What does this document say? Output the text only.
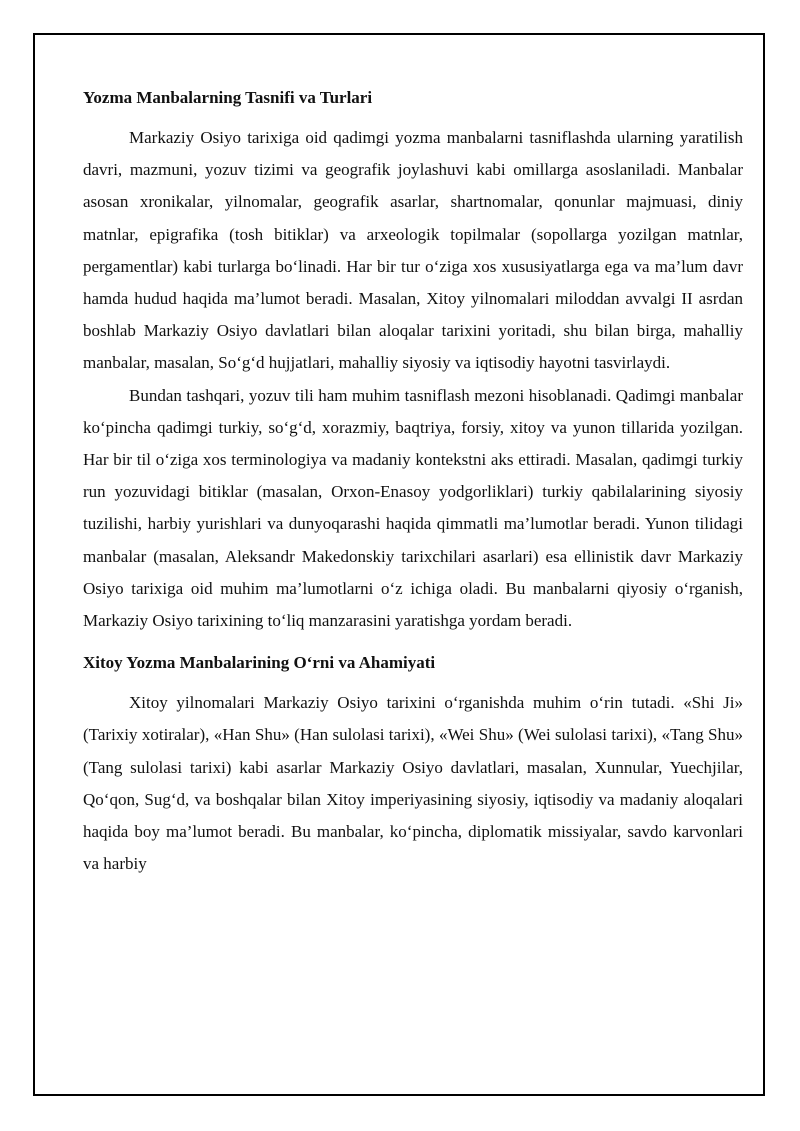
Yozma Manbalarning Tasnifi va Turlari

Markaziy Osiyo tarixiga oid qadimgi yozma manbalarni tasniflashda ularning yaratilish davri, mazmuni, yozuv tizimi va geografik joylashuvi kabi omillarga asoslaniladi. Manbalar asosan xronikalar, yilnomalar, geografik asarlar, shartnomalar, qonunlar majmuasi, diniy matnlar, epigrafika (tosh bitiklar) va arxeologik topilmalar (sopollarga yozilgan matnlar, pergamentlar) kabi turlarga bo‘linadi. Har bir tur o‘ziga xos xususiyatlarga ega va ma’lum davr hamda hudud haqida ma’lumot beradi. Masalan, Xitoy yilnomalari miloddan avvalgi II asrdan boshlab Markaziy Osiyo davlatlari bilan aloqalar tarixini yoritadi, shu bilan birga, mahalliy manbalar, masalan, So‘g‘d hujjatlari, mahalliy siyosiy va iqtisodiy hayotni tasvirlaydi.

Bundan tashqari, yozuv tili ham muhim tasniflash mezoni hisoblanadi. Qadimgi manbalar ko‘pincha qadimgi turkiy, so‘g‘d, xorazmiy, baqtriya, forsiy, xitoy va yunon tillarida yozilgan. Har bir til o‘ziga xos terminologiya va madaniy kontekstni aks ettiradi. Masalan, qadimgi turkiy run yozuvidagi bitiklar (masalan, Orxon-Enasoy yodgorliklari) turkiy qabilalarining siyosiy tuzilishi, harbiy yurishlari va dunyoqarashi haqida qimmatli ma’lumotlar beradi. Yunon tilidagi manbalar (masalan, Aleksandr Makedonskiy tarixchilari asarlari) esa ellinistik davr Markaziy Osiyo tarixiga oid muhim ma’lumotlarni o‘z ichiga oladi. Bu manbalarni qiyosiy o‘rganish, Markaziy Osiyo tarixining to‘liq manzarasini yaratishga yordam beradi.

Xitoy Yozma Manbalarining O‘rni va Ahamiyati

Xitoy yilnomalari Markaziy Osiyo tarixini o‘rganishda muhim o‘rin tutadi. «Shi Ji» (Tarixiy xotiralar), «Han Shu» (Han sulolasi tarixi), «Wei Shu» (Wei sulolasi tarixi), «Tang Shu» (Tang sulolasi tarixi) kabi asarlar Markaziy Osiyo davlatlari, masalan, Xunnular, Yuechjilar, Qo‘qon, Sug‘d, va boshqalar bilan Xitoy imperiyasining siyosiy, iqtisodiy va madaniy aloqalari haqida boy ma’lumot beradi. Bu manbalar, ko‘pincha, diplomatik missiyalar, savdo karvonlari va harbiy
